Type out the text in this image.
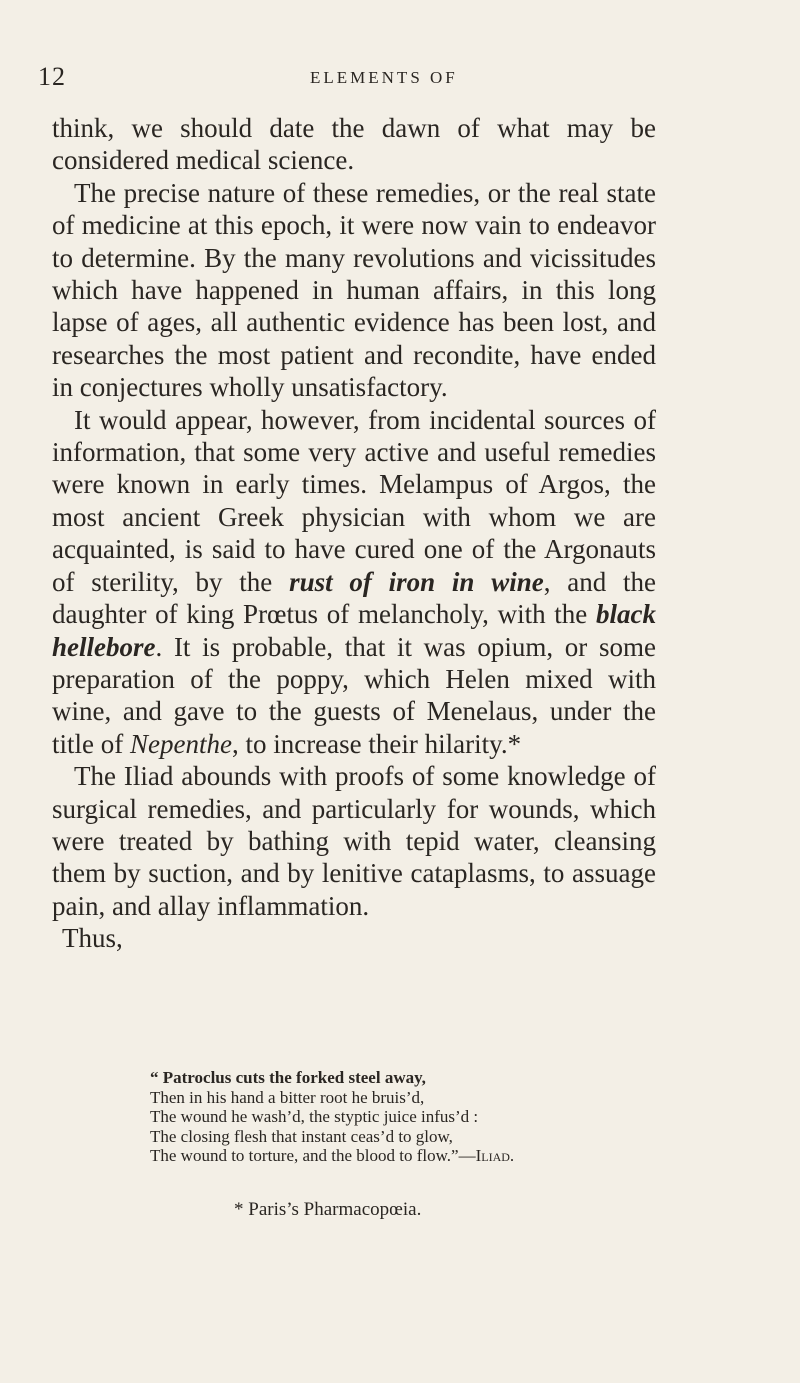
12	ELEMENTS OF

think, we should date the dawn of what may be considered medical science.

The precise nature of these remedies, or the real state of medicine at this epoch, it were now vain to endeavor to determine. By the many revolutions and vicissitudes which have happened in human affairs, in this long lapse of ages, all authentic evidence has been lost, and researches the most patient and recondite, have ended in conjectures wholly unsatisfactory.

It would appear, however, from incidental sources of information, that some very active and useful remedies were known in early times. Melampus of Argos, the most ancient Greek physician with whom we are acquainted, is said to have cured one of the Argonauts of sterility, by the rust of iron in wine, and the daughter of king Prœtus of melancholy, with the black hellebore. It is probable, that it was opium, or some preparation of the poppy, which Helen mixed with wine, and gave to the guests of Menelaus, under the title of Nepenthe, to increase their hilarity.*

The Iliad abounds with proofs of some knowledge of surgical remedies, and particularly for wounds, which were treated by bathing with tepid water, cleansing them by suction, and by lenitive cataplasms, to assuage pain, and allay inflammation.

Thus,

“ Patroclus cuts the forked steel away,
Then in his hand a bitter root he bruis’d,
The wound he wash’d, the styptic juice infus’d :
The closing flesh that instant ceas’d to glow,
The wound to torture, and the blood to flow.”—Iliad.
* Paris’s Pharmacopœia.
